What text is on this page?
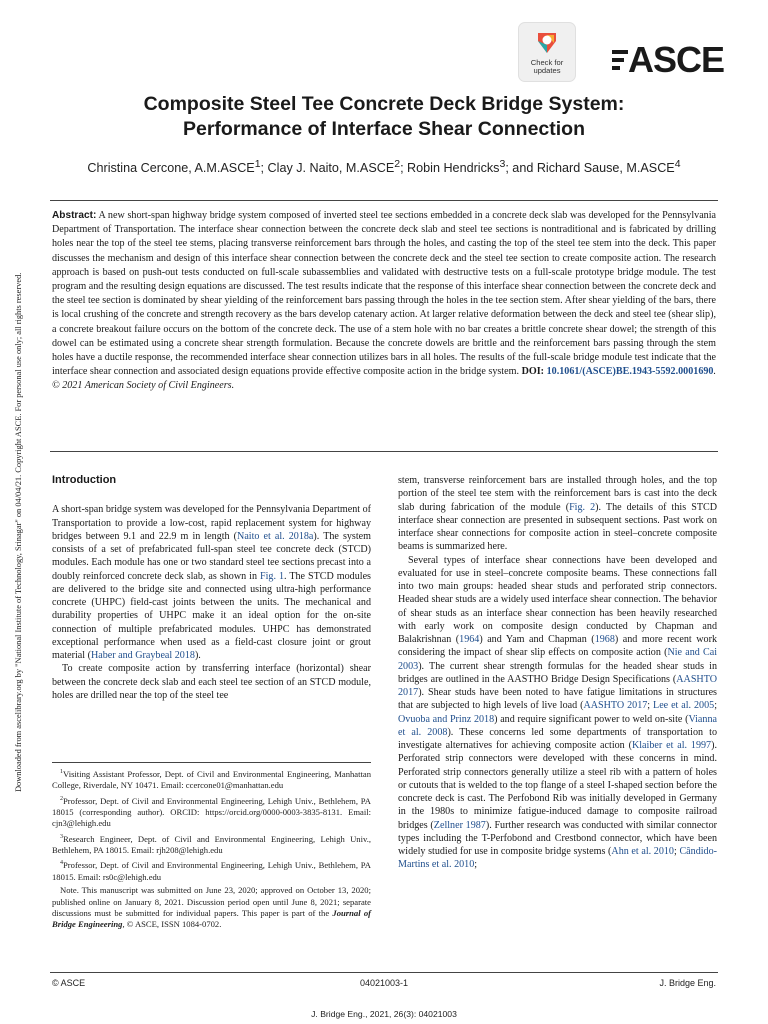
Downloaded from ascelibrary.org by "National Institute of Technology, Srinagar" on 04/04/21. Copyright ASCE. For personal use only; all rights reserved.
Check for
updates	ASCE
Composite Steel Tee Concrete Deck Bridge System:
Performance of Interface Shear Connection
Christina Cercone, A.M.ASCE$^1$; Clay J. Naito, M.ASCE$^2$; Robin Hendricks$^3$; and Richard Sause, M.ASCE$^4$

Abstract: A new short-span highway bridge system composed of inverted steel tee sections embedded in a concrete deck slab was developed for the Pennsylvania Department of Transportation. The interface shear connection between the concrete deck slab and steel tee sections is nontraditional and is fabricated by drilling holes near the top of the steel tee stems, placing transverse reinforcement bars through the holes, and casting the top of the steel tee stem into the deck. This paper discusses the mechanism and design of this interface shear connection between the concrete deck and the steel tee section to create composite action. The research approach is based on push-out tests conducted on full-scale subassemblies and validated with destructive tests on a full-scale prototype bridge module. The test program and the resulting design equations are discussed. The test results indicate that the response of this interface shear connection between the concrete deck and the steel tee section is dominated by shear yielding of the reinforcement bars passing through the holes in the tee section stem. After shear yielding of the bars, there is local crushing of the concrete and strength recovery as the bars develop catenary action. At larger relative deformation between the deck and steel tee (shear slip), a concrete breakout failure occurs on the bottom of the concrete deck. The use of a stem hole with no bar creates a brittle concrete shear dowel; the strength of this dowel can be estimated using a concrete shear strength formulation. Because the concrete dowels are brittle and the reinforcement bars passing through the stem holes have a ductile response, the recommended interface shear connection utilizes bars in all holes. The results of the full-scale bridge module test indicate that the interface shear connection and associated design equations provide effective composite action in the bridge system. DOI: 10.1061/(ASCE)BE.1943-5592.0001690. © 2021 American Society of Civil Engineers.

Introduction

A short-span bridge system was developed for the Pennsylvania Department of Transportation to provide a low-cost, rapid replacement system for highway bridges between 9.1 and 22.9 m in length (Naito et al. 2018a). The system consists of a set of prefabricated full-span steel tee concrete deck (STCD) modules. Each module has one or two standard steel tee sections precast into a doubly reinforced concrete deck slab, as shown in Fig. 1. The STCD modules are delivered to the bridge site and connected using ultra-high performance concrete (UHPC) field-cast joints between the units. The mechanical and durability properties of UHPC make it an ideal option for the on-site connection of multiple prefabricated modules. UHPC has demonstrated exceptional performance when used as a field-cast closure joint or grout material (Haber and Graybeal 2018).

To create composite action by transferring interface (horizontal) shear between the concrete deck slab and each steel tee section of an STCD module, holes are drilled near the top of the steel tee

$^1$Visiting Assistant Professor, Dept. of Civil and Environmental Engineering, Manhattan College, Riverdale, NY 10471. Email: ccercone01@manhattan.edu

$^2$Professor, Dept. of Civil and Environmental Engineering, Lehigh Univ., Bethlehem, PA 18015 (corresponding author). ORCID: https://orcid.org/0000-0003-3835-8131. Email: cjn3@lehigh.edu

$^3$Research Engineer, Dept. of Civil and Environmental Engineering, Lehigh Univ., Bethlehem, PA 18015. Email: rjh208@lehigh.edu

$^4$Professor, Dept. of Civil and Environmental Engineering, Lehigh Univ., Bethlehem, PA 18015. Email: rs0c@lehigh.edu

Note. This manuscript was submitted on June 23, 2020; approved on October 13, 2020; published online on January 8, 2021. Discussion period open until June 8, 2021; separate discussions must be submitted for individual papers. This paper is part of the Journal of Bridge Engineering, © ASCE, ISSN 1084-0702.

stem, transverse reinforcement bars are installed through holes, and the top portion of the steel tee stem with the reinforcement bars is cast into the deck slab during fabrication of the module (Fig. 2). The details of this STCD interface shear connection are presented in subsequent sections. Past work on interface shear connections for composite action in steel–concrete composite beams is summarized here.

Several types of interface shear connections have been developed and evaluated for use in steel–concrete composite beams. These connections fall into two main groups: headed shear studs and perforated strip connectors. Headed shear studs are a widely used interface shear connection. The behavior of shear studs as an interface shear connection has been heavily researched with early work on composite design conducted by Chapman and Balakrishnan (1964) and Yam and Chapman (1968) and more recent work considering the impact of shear slip effects on composite action (Nie and Cai 2003). The current shear strength formulas for the headed shear studs in bridges are outlined in the AASTHO Bridge Design Specifications (AASHTO 2017). Shear studs have been noted to have fatigue limitations in structures that are subjected to high levels of live load (AASHTO 2017; Lee et al. 2005; Ovuoba and Prinz 2018) and require significant power to weld on-site (Vianna et al. 2008). These concerns led some departments of transportation to investigate alternatives for achieving composite action (Klaiber et al. 1997). Perforated strip connectors were developed with these concerns in mind. Perforated strip connectors generally utilize a steel rib with a pattern of holes or cutouts that is welded to the top flange of a steel I-shaped section before the concrete deck is cast. The Perfobond Rib was initially developed in Germany in the 1980s to minimize fatigue-induced damage to composite railroad bridges (Zellner 1987). Further research was conducted with similar connector types including the T-Perfobond and Crestbond connector, which have been widely studied for use in composite bridge systems (Ahn et al. 2010; Cândido-Martins et al. 2010;

© ASCE	04021003-1	J. Bridge Eng.
J. Bridge Eng., 2021, 26(3): 04021003
